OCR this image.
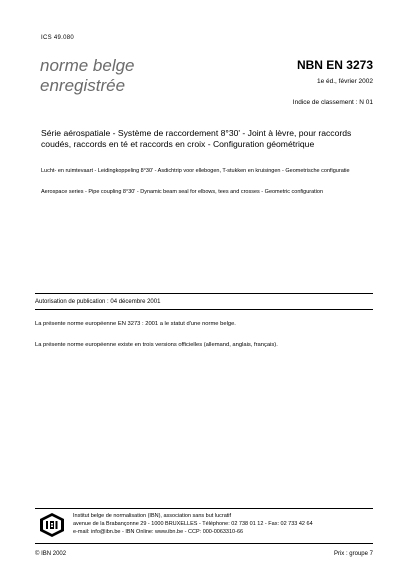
ICS 49.080
norme belge
enregistrée
NBN EN 3273
1e éd., février 2002
Indice de classement : N 01
Série aérospatiale - Système de raccordement 8°30' - Joint à lèvre, pour raccords coudés, raccords en té et raccords en croix - Configuration géométrique
Lucht- en ruimtevaart - Leidingkoppeling 8°30' - Asdichtrip voor ellebogen, T-stukken en kruisingen - Geometrische configuratie
Aerospace series - Pipe coupling 8°30' - Dynamic beam seal for elbows, tees and crosses - Geometric configuration
Autorisation de publication : 04 décembre 2001
La présente norme européenne EN 3273 : 2001 a le statut d'une norme belge.
La présente norme européenne existe en trois versions officielles (allemand, anglais, français).
Institut belge de normalisation (IBN), association sans but lucratif
avenue de la Brabançonne 29 - 1000 BRUXELLES - Téléphone: 02 738 01 12 - Fax: 02 733 42 64
e-mail: info@ibn.be - IBN Online: www.ibn.be - CCP: 000-0063310-66
© IBN 2002	Prix : groupe 7
